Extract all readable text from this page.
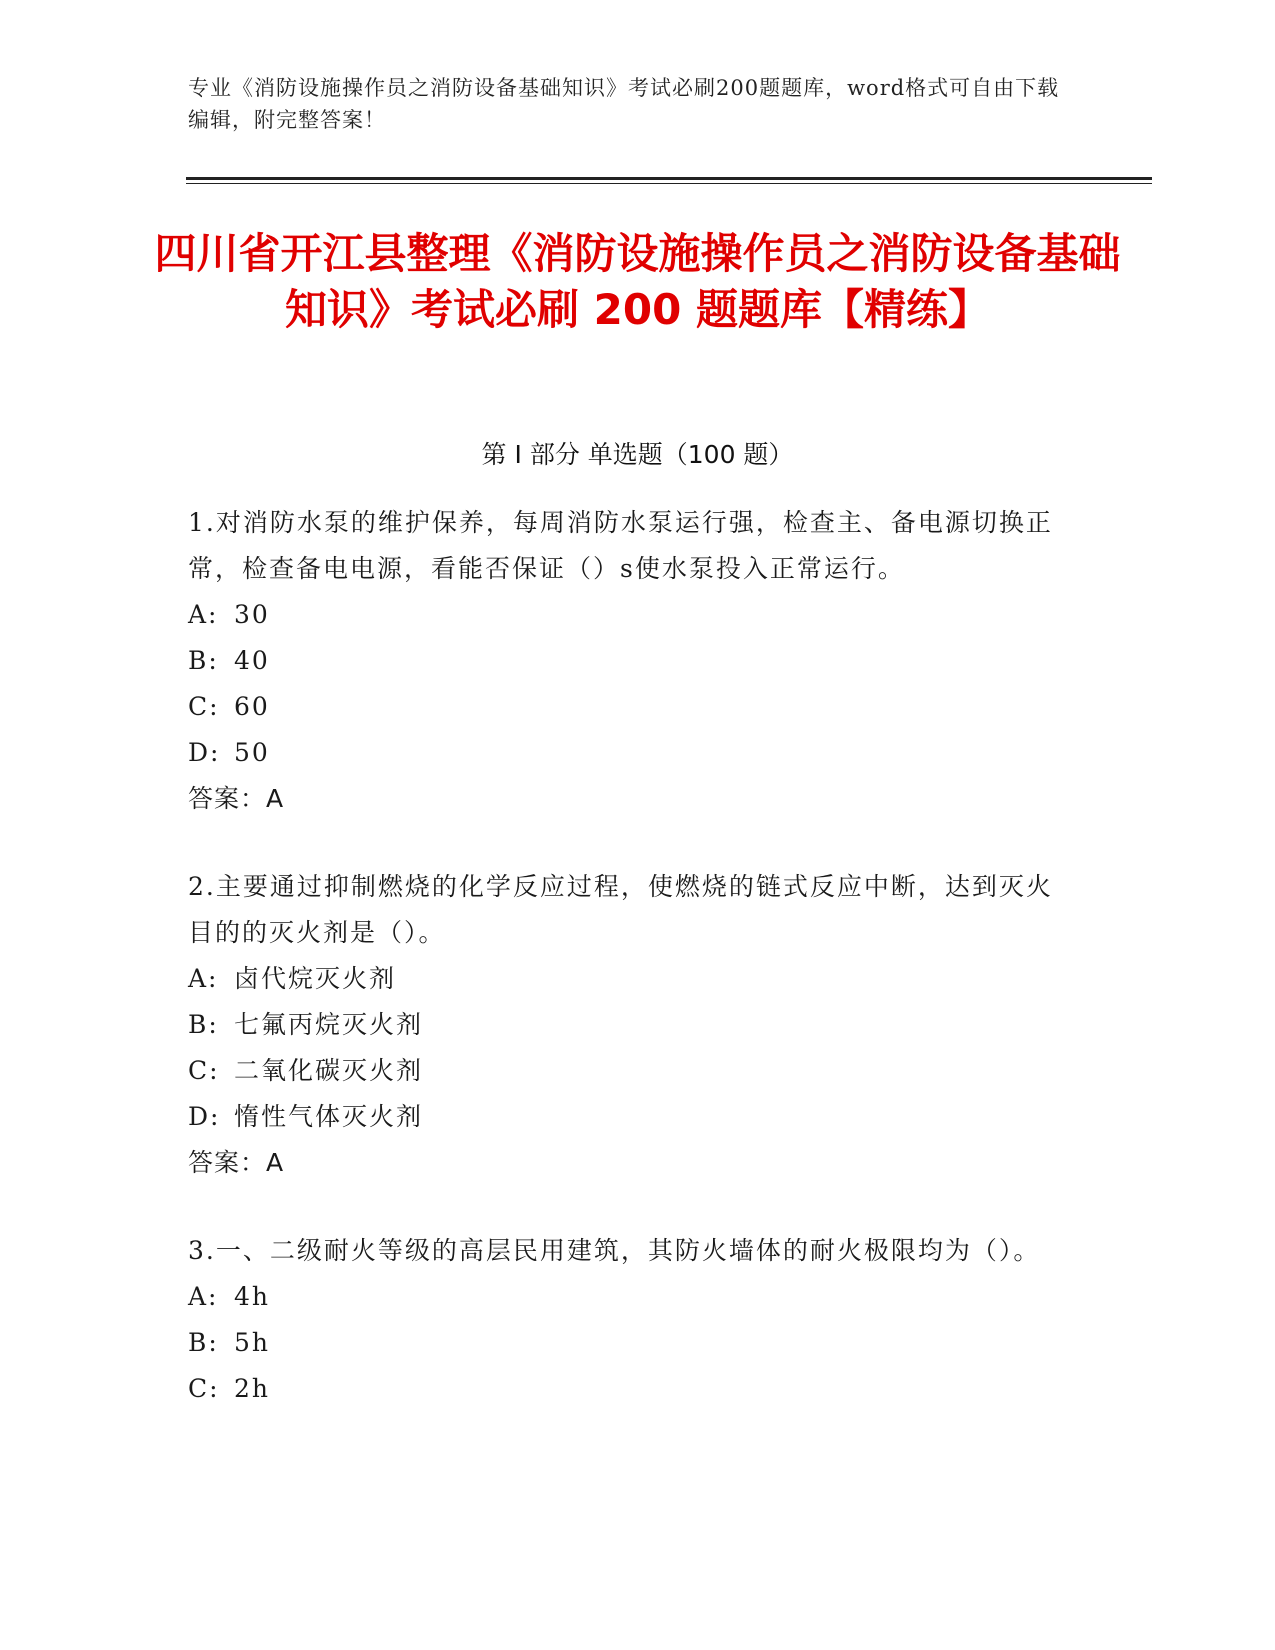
专业《消防设施操作员之消防设备基础知识》考试必刷200题题库，word格式可自由下载编辑，附完整答案！
四川省开江县整理《消防设施操作员之消防设备基础知识》考试必刷 200 题题库【精练】
第 I 部分 单选题（100 题）
1.对消防水泵的维护保养，每周消防水泵运行强，检查主、备电源切换正常，检查备电电源，看能否保证（）s使水泵投入正常运行。
A: 30
B: 40
C: 60
D: 50
答案：A
2.主要通过抑制燃烧的化学反应过程，使燃烧的链式反应中断，达到灭火目的的灭火剂是（）。
A: 卤代烷灭火剂
B: 七氟丙烷灭火剂
C: 二氧化碳灭火剂
D: 惰性气体灭火剂
答案：A
3.一、二级耐火等级的高层民用建筑，其防火墙体的耐火极限均为（）。
A: 4h
B: 5h
C: 2h
